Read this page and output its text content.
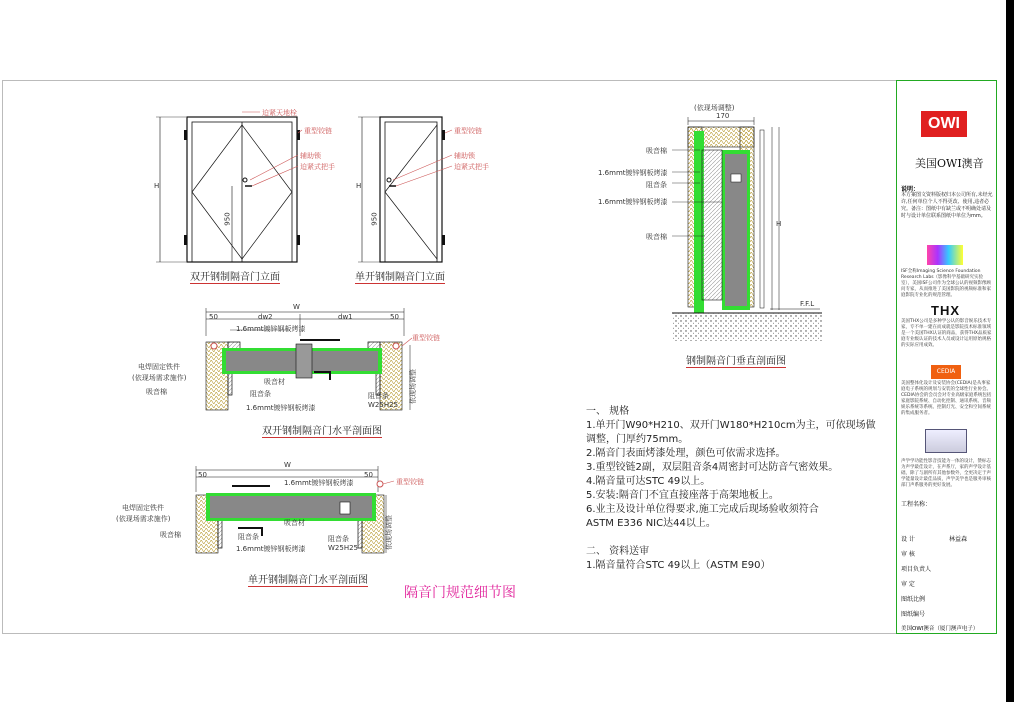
迫紧天地栓
重型铰链
辅助锁
迫紧式把手
H
950
双开钢制隔音门立面
重型铰链
辅助锁
迫紧式把手
H
950
单开钢制隔音门立面
W
50	dw2	dw1	50
1.6mmt镀锌钢板烤漆
重型铰链
电焊固定铁件
(依现场需求施作)
吸音棉
吸音材
阻音条
1.6mmt镀锌钢板烤漆
阻音条
W25H25
依现场调整
双开钢制隔音门水平剖面图
W
50	50
1.6mmt镀锌钢板烤漆	重型铰链
电焊固定铁件
(依现场需求施作)	吸音材
吸音棉	阻音条
1.6mmt镀锌钢板烤漆
阻音条
W25H25	依现场调整
单开钢制隔音门水平剖面图
(依现场调整)
170
吸音棉
1.6mmt镀锌钢板烤漆
阻音条
1.6mmt镀锌钢板烤漆
吸音棉
H
F.F.L
钢制隔音门垂直剖面图
一、 规格
1.单开门W90*H210、双开门W180*H210cm为主，可依现场做
调整，门厚约75mm。
2.隔音门表面烤漆处理，颜色可依需求选择。
3.重型铰链2副，双层阻音条4周密封可达防音气密效果。
4.隔音量可达STC 49以上。
5.安装:隔音门不宜直接座落于高架地板上。
6.业主及设计单位得要求,施工完成后现场验收须符合
ASTM E336 NIC达44以上。
二、 资料送审
1.隔音量符合STC 49以上（ASTM E90）
隔音门规范细节图
OWI
美国OWI澳音
说明：
本方案图文资料版权归本公司所有,未经允许,任何单位个人不得更改、使用,违者必究。备注：图纸中有缺兰或不明确处请及时与设计单位联系图纸中单位为mm。
ISF全称Imaging Science Foundation Research Labs（影像科学基础研究实验室），美国ISF公司作为全球公认的视频影像顾问专家，从而推进了美国影院的视频标准和家庭影院专业化的规范管理。
THX
美国THX公司是多种学公认的影音娱乐技术专家，专不单一建在而成就是影院技术标准领域是一个美国THX认证的商品，获得THX品质家庭专业级认证的技术人员或设计运用原始规格的实际应用成效。
CEDIA
美国整体化设计及安装协会(CEDIA)是从事家庭电子系统的规划与安装的全球性行业协会。CEDIA协会的会员会对专业高级家庭系统包括家庭影院系统、自动化控制、通讯系统、音频娱乐系统等系统、控制灯光、安全和空间系统的集成服务者。
声学学功能性影音技能为一体的设计，赞标志为声学最佳设计，在声系厅，家的声学设计基础，除了与剧所有其他参数外，全更决定于声学能量设计最佳品质，声学美学也是服务审核部门声系服务的更好发展。
工程名称：
设 计	林益森
审 核
项目负责人
审 定
图纸比例
图纸编号
美国OWI澳音（厦门澳声电子）
